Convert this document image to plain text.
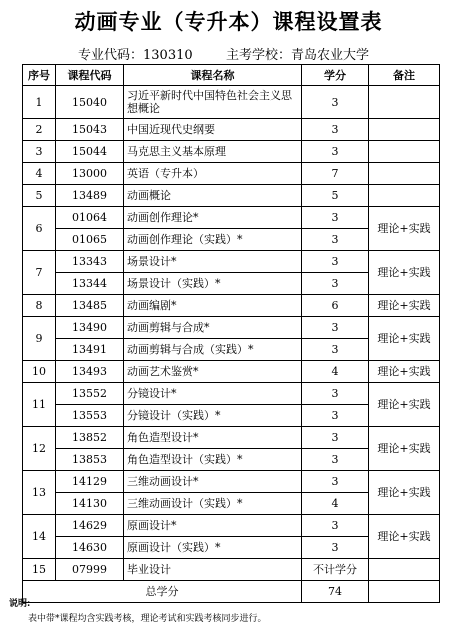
动画专业（专升本）课程设置表
专业代码：130310	主考学校：青岛农业大学
序号	课程代码	课程名称	学分	备注
1	15040	习近平新时代中国特色社会主义思想概论	3	
2	15043	中国近现代史纲要	3	
3	15044	马克思主义基本原理	3	
4	13000	英语（专升本）	7	
5	13489	动画概论	5	
6	01064	动画创作理论*	3	理论+实践
	01065	动画创作理论（实践）*	3	
7	13343	场景设计*	3	理论+实践
	13344	场景设计（实践）*	3	
8	13485	动画编剧*	6	理论+实践
9	13490	动画剪辑与合成*	3	理论+实践
	13491	动画剪辑与合成（实践）*	3	
10	13493	动画艺术鉴赏*	4	理论+实践
11	13552	分镜设计*	3	理论+实践
	13553	分镜设计（实践）*	3	
12	13852	角色造型设计*	3	理论+实践
	13853	角色造型设计（实践）*	3	
13	14129	三维动画设计*	3	理论+实践
	14130	三维动画设计（实践）*	4	
14	14629	原画设计*	3	理论+实践
	14630	原画设计（实践）*	3	
15	07999	毕业设计	不计学分	
总学分			74	
说明:
表中带*课程均含实践考核，理论考试和实践考核同步进行。
